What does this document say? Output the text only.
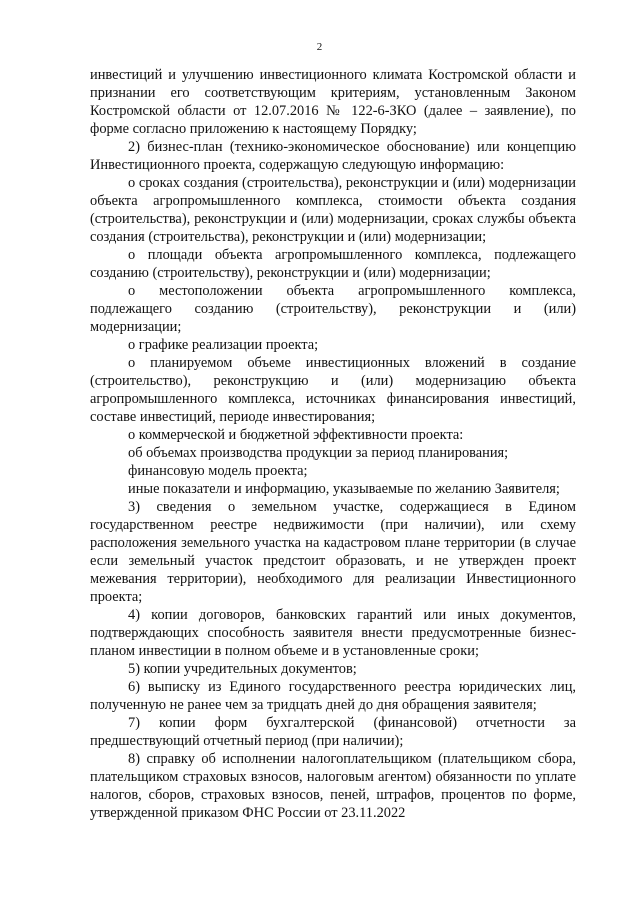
2

инвестиций и улучшению инвестиционного климата Костромской области и признании его соответствующим критериям, установленным Законом Костромской области от 12.07.2016 № 122-6-ЗКО (далее – заявление), по форме согласно приложению к настоящему Порядку;

2) бизнес-план (технико-экономическое обоснование) или концепцию Инвестиционного проекта, содержащую следующую информацию:

о сроках создания (строительства), реконструкции и (или) модернизации объекта агропромышленного комплекса, стоимости объекта создания (строительства), реконструкции и (или) модернизации, сроках службы объекта создания (строительства), реконструкции и (или) модернизации;

о площади объекта агропромышленного комплекса, подлежащего созданию (строительству), реконструкции и (или) модернизации;

о местоположении объекта агропромышленного комплекса, подлежащего созданию (строительству), реконструкции и (или) модернизации;

о графике реализации проекта;

о планируемом объеме инвестиционных вложений в создание (строительство), реконструкцию и (или) модернизацию объекта агропромышленного комплекса, источниках финансирования инвестиций, составе инвестиций, периоде инвестирования;

о коммерческой и бюджетной эффективности проекта:

об объемах производства продукции за период планирования;

финансовую модель проекта;

иные показатели и информацию, указываемые по желанию Заявителя;

3) сведения о земельном участке, содержащиеся в Едином государственном реестре недвижимости (при наличии), или схему расположения земельного участка на кадастровом плане территории (в случае если земельный участок предстоит образовать, и не утвержден проект межевания территории), необходимого для реализации Инвестиционного проекта;

4) копии договоров, банковских гарантий или иных документов, подтверждающих способность заявителя внести предусмотренные бизнес-планом инвестиции в полном объеме и в установленные сроки;

5) копии учредительных документов;

6) выписку из Единого государственного реестра юридических лиц, полученную не ранее чем за тридцать дней до дня обращения заявителя;

7) копии форм бухгалтерской (финансовой) отчетности за предшествующий отчетный период (при наличии);

8) справку об исполнении налогоплательщиком (плательщиком сбора, плательщиком страховых взносов, налоговым агентом) обязанности по уплате налогов, сборов, страховых взносов, пеней, штрафов, процентов по форме, утвержденной приказом ФНС России от 23.11.2022
